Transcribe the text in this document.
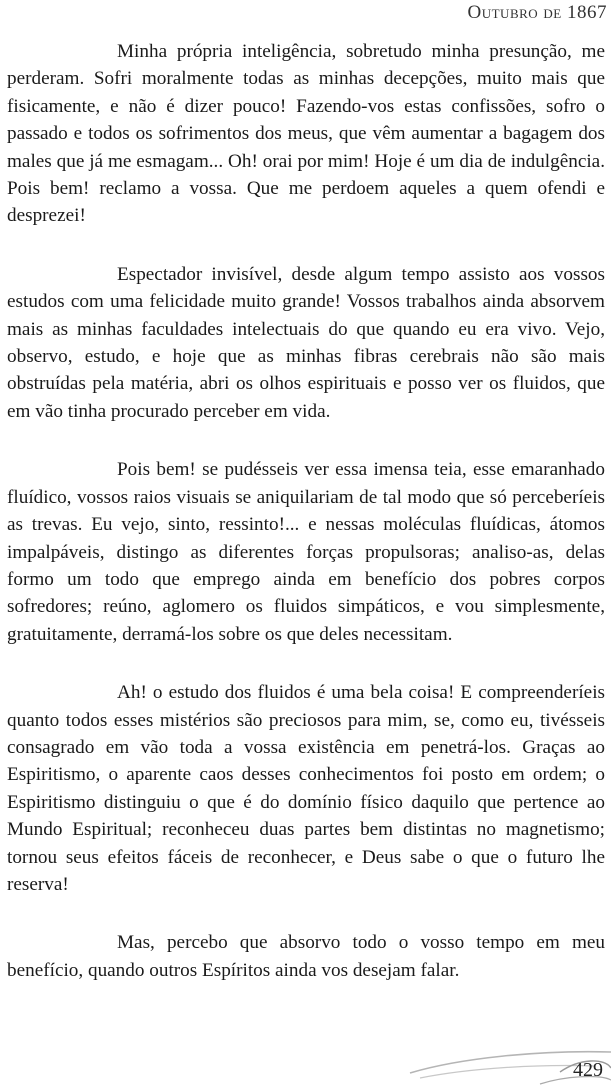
Outubro de 1867

Minha própria inteligência, sobretudo minha presunção, me perderam. Sofri moralmente todas as minhas decepções, muito mais que fisicamente, e não é dizer pouco! Fazendo-vos estas confissões, sofro o passado e todos os sofrimentos dos meus, que vêm aumentar a bagagem dos males que já me esmagam... Oh! orai por mim! Hoje é um dia de indulgência. Pois bem! reclamo a vossa. Que me perdoem aqueles a quem ofendi e desprezei!

Espectador invisível, desde algum tempo assisto aos vossos estudos com uma felicidade muito grande! Vossos trabalhos ainda absorvem mais as minhas faculdades intelectuais do que quando eu era vivo. Vejo, observo, estudo, e hoje que as minhas fibras cerebrais não são mais obstruídas pela matéria, abri os olhos espirituais e posso ver os fluidos, que em vão tinha procurado perceber em vida.

Pois bem! se pudésseis ver essa imensa teia, esse emaranhado fluídico, vossos raios visuais se aniquilariam de tal modo que só perceberíeis as trevas. Eu vejo, sinto, ressinto!... e nessas moléculas fluídicas, átomos impalpáveis, distingo as diferentes forças propulsoras; analiso-as, delas formo um todo que emprego ainda em benefício dos pobres corpos sofredores; reúno, aglomero os fluidos simpáticos, e vou simplesmente, gratuitamente, derramá-los sobre os que deles necessitam.

Ah! o estudo dos fluidos é uma bela coisa! E compreenderíeis quanto todos esses mistérios são preciosos para mim, se, como eu, tivésseis consagrado em vão toda a vossa existência em penetrá-los. Graças ao Espiritismo, o aparente caos desses conhecimentos foi posto em ordem; o Espiritismo distinguiu o que é do domínio físico daquilo que pertence ao Mundo Espiritual; reconheceu duas partes bem distintas no magnetismo; tornou seus efeitos fáceis de reconhecer, e Deus sabe o que o futuro lhe reserva!

Mas, percebo que absorvo todo o vosso tempo em meu benefício, quando outros Espíritos ainda vos desejam falar.

429
